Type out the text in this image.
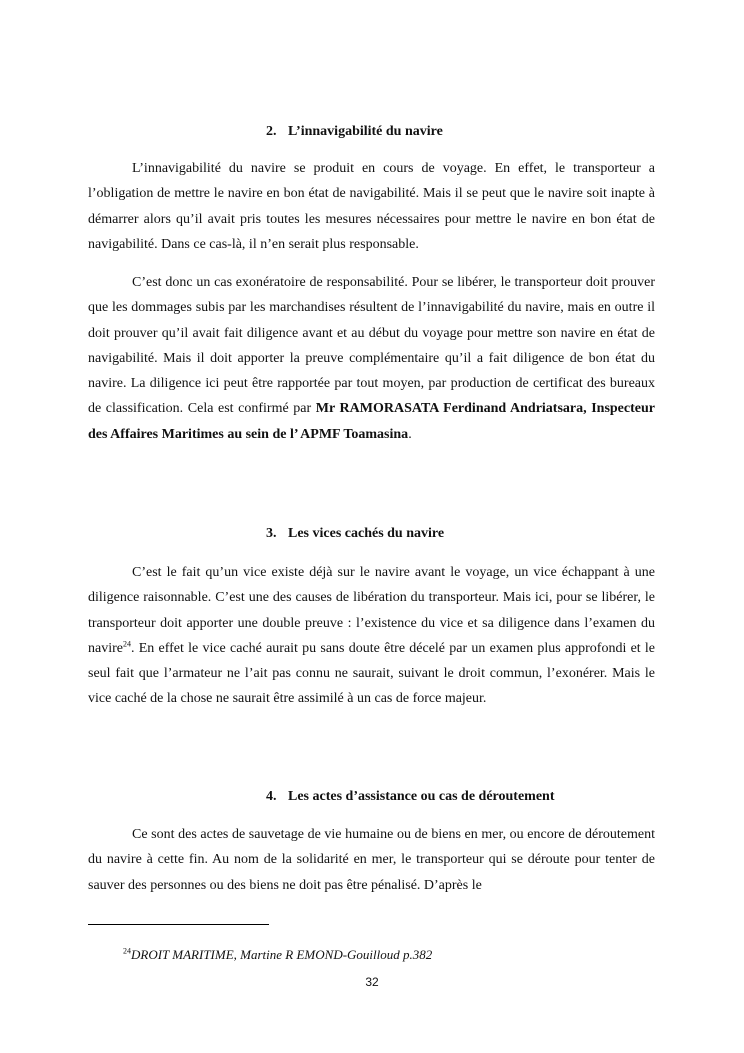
2. L’innavigabilité du navire

L’innavigabilité du navire se produit en cours de voyage. En effet, le transporteur a l’obligation de mettre le navire en bon état de navigabilité. Mais il se peut que le navire soit inapte à démarrer alors qu’il avait pris toutes les mesures nécessaires pour mettre le navire en bon état de navigabilité. Dans ce cas-là, il n’en serait plus responsable.

C’est donc un cas exonératoire de responsabilité. Pour se libérer, le transporteur doit prouver que les dommages subis par les marchandises résultent de l’innavigabilité du navire, mais en outre il doit prouver qu’il avait fait diligence avant et au début du voyage pour mettre son navire en état de navigabilité. Mais il doit apporter la preuve complémentaire qu’il a fait diligence de bon état du navire. La diligence ici peut être rapportée par tout moyen, par production de certificat des bureaux de classification. Cela est confirmé par Mr RAMORASATA Ferdinand Andriatsara, Inspecteur des Affaires Maritimes au sein de l’ APMF Toamasina.

3. Les vices cachés du navire

C’est le fait qu’un vice existe déjà sur le navire avant le voyage, un vice échappant à une diligence raisonnable. C’est une des causes de libération du transporteur. Mais ici, pour se libérer, le transporteur doit apporter une double preuve : l’existence du vice et sa diligence dans l’examen du navire$^{24}$. En effet le vice caché aurait pu sans doute être décelé par un examen plus approfondi et le seul fait que l’armateur ne l’ait pas connu ne saurait, suivant le droit commun, l’exonérer. Mais le vice caché de la chose ne saurait être assimilé à un cas de force majeur.

4. Les actes d’assistance ou cas de déroutement

Ce sont des actes de sauvetage de vie humaine ou de biens en mer, ou encore de déroutement du navire à cette fin. Au nom de la solidarité en mer, le transporteur qui se déroute pour tenter de sauver des personnes ou des biens ne doit pas être pénalisé. D’après le

$^{24}$DROIT MARITIME, Martine R EMOND-Gouilloud p.382
32
